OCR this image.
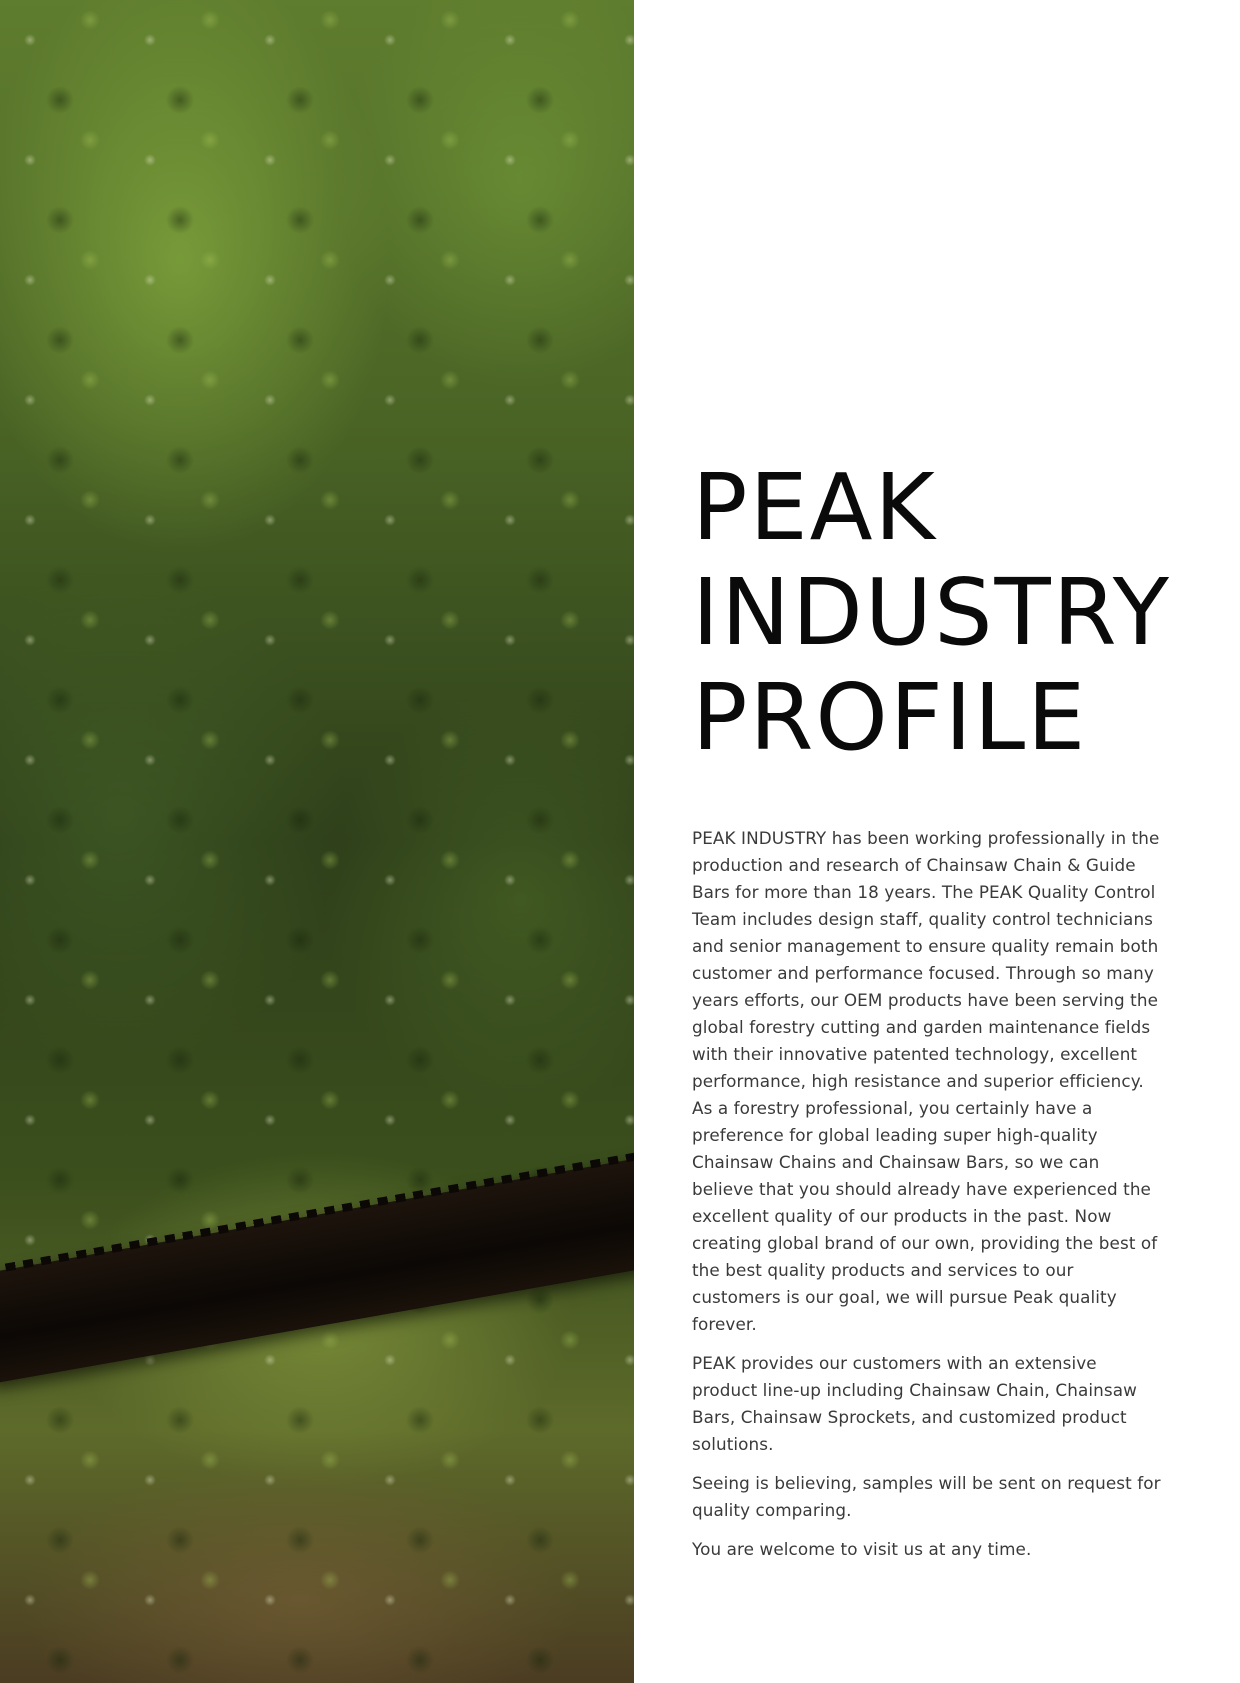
PEAK
INDUSTRY
PROFILE

PEAK INDUSTRY has been working professionally in the production and research of Chainsaw Chain & Guide Bars for more than 18 years. The PEAK Quality Control Team includes design staff, quality control technicians and senior management to ensure quality remain both customer and performance focused. Through so many years efforts, our OEM products have been serving the global forestry cutting and garden maintenance fields with their innovative patented technology, excellent performance, high resistance and superior efficiency. As a forestry professional, you certainly have a preference for global leading super high-quality Chainsaw Chains and Chainsaw Bars, so we can believe that you should already have experienced the excellent quality of our products in the past. Now creating global brand of our own, providing the best of the best quality products and services to our customers is our goal, we will pursue Peak quality forever.

PEAK provides our customers with an extensive product line-up including Chainsaw Chain, Chainsaw Bars, Chainsaw Sprockets, and customized product solutions.

Seeing is believing, samples will be sent on request for quality comparing.

You are welcome to visit us at any time.
